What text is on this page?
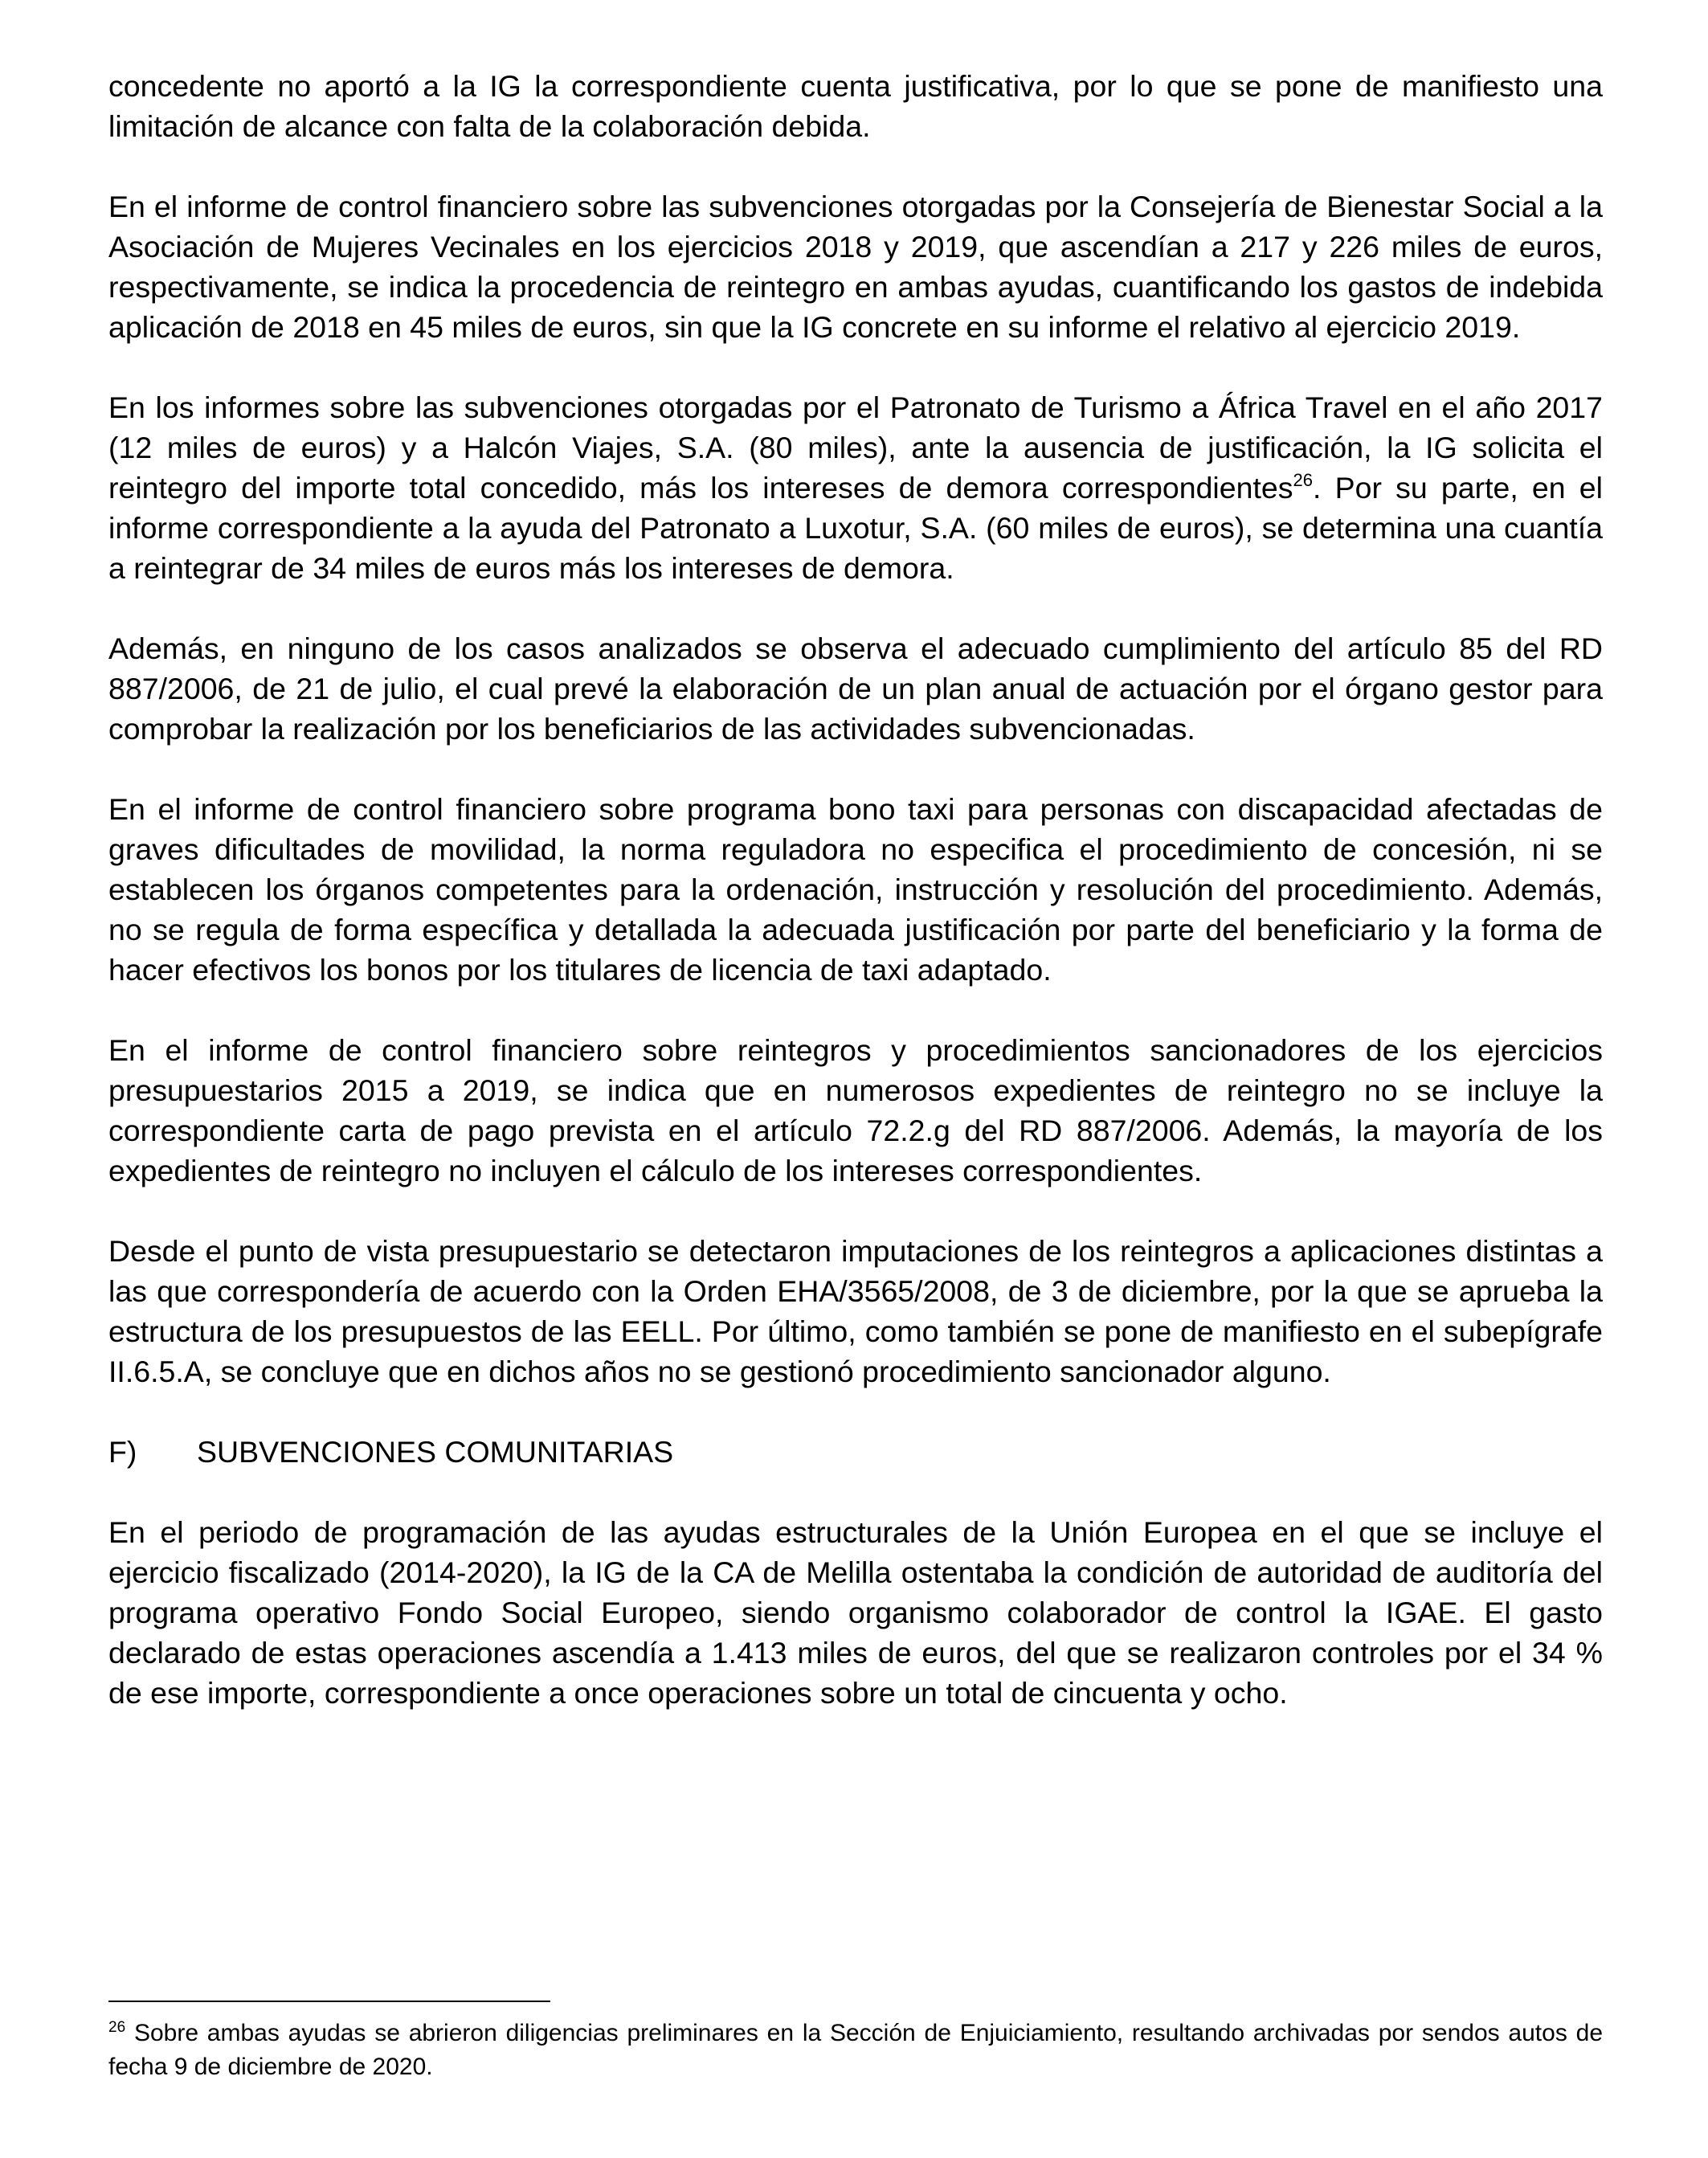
concedente no aportó a la IG la correspondiente cuenta justificativa, por lo que se pone de manifiesto una limitación de alcance con falta de la colaboración debida.

En el informe de control financiero sobre las subvenciones otorgadas por la Consejería de Bienestar Social a la Asociación de Mujeres Vecinales en los ejercicios 2018 y 2019, que ascendían a 217 y 226 miles de euros, respectivamente, se indica la procedencia de reintegro en ambas ayudas, cuantificando los gastos de indebida aplicación de 2018 en 45 miles de euros, sin que la IG concrete en su informe el relativo al ejercicio 2019.

En los informes sobre las subvenciones otorgadas por el Patronato de Turismo a África Travel en el año 2017 (12 miles de euros) y a Halcón Viajes, S.A. (80 miles), ante la ausencia de justificación, la IG solicita el reintegro del importe total concedido, más los intereses de demora correspondientes$^{26}$. Por su parte, en el informe correspondiente a la ayuda del Patronato a Luxotur, S.A. (60 miles de euros), se determina una cuantía a reintegrar de 34 miles de euros más los intereses de demora.

Además, en ninguno de los casos analizados se observa el adecuado cumplimiento del artículo 85 del RD 887/2006, de 21 de julio, el cual prevé la elaboración de un plan anual de actuación por el órgano gestor para comprobar la realización por los beneficiarios de las actividades subvencionadas.

En el informe de control financiero sobre programa bono taxi para personas con discapacidad afectadas de graves dificultades de movilidad, la norma reguladora no especifica el procedimiento de concesión, ni se establecen los órganos competentes para la ordenación, instrucción y resolución del procedimiento. Además, no se regula de forma específica y detallada la adecuada justificación por parte del beneficiario y la forma de hacer efectivos los bonos por los titulares de licencia de taxi adaptado.

En el informe de control financiero sobre reintegros y procedimientos sancionadores de los ejercicios presupuestarios 2015 a 2019, se indica que en numerosos expedientes de reintegro no se incluye la correspondiente carta de pago prevista en el artículo 72.2.g del RD 887/2006. Además, la mayoría de los expedientes de reintegro no incluyen el cálculo de los intereses correspondientes.

Desde el punto de vista presupuestario se detectaron imputaciones de los reintegros a aplicaciones distintas a las que correspondería de acuerdo con la Orden EHA/3565/2008, de 3 de diciembre, por la que se aprueba la estructura de los presupuestos de las EELL. Por último, como también se pone de manifiesto en el subepígrafe II.6.5.A, se concluye que en dichos años no se gestionó procedimiento sancionador alguno.

F)	SUBVENCIONES COMUNITARIAS

En el periodo de programación de las ayudas estructurales de la Unión Europea en el que se incluye el ejercicio fiscalizado (2014-2020), la IG de la CA de Melilla ostentaba la condición de autoridad de auditoría del programa operativo Fondo Social Europeo, siendo organismo colaborador de control la IGAE. El gasto declarado de estas operaciones ascendía a 1.413 miles de euros, del que se realizaron controles por el 34 % de ese importe, correspondiente a once operaciones sobre un total de cincuenta y ocho.

$^{26}$ Sobre ambas ayudas se abrieron diligencias preliminares en la Sección de Enjuiciamiento, resultando archivadas por sendos autos de fecha 9 de diciembre de 2020.
